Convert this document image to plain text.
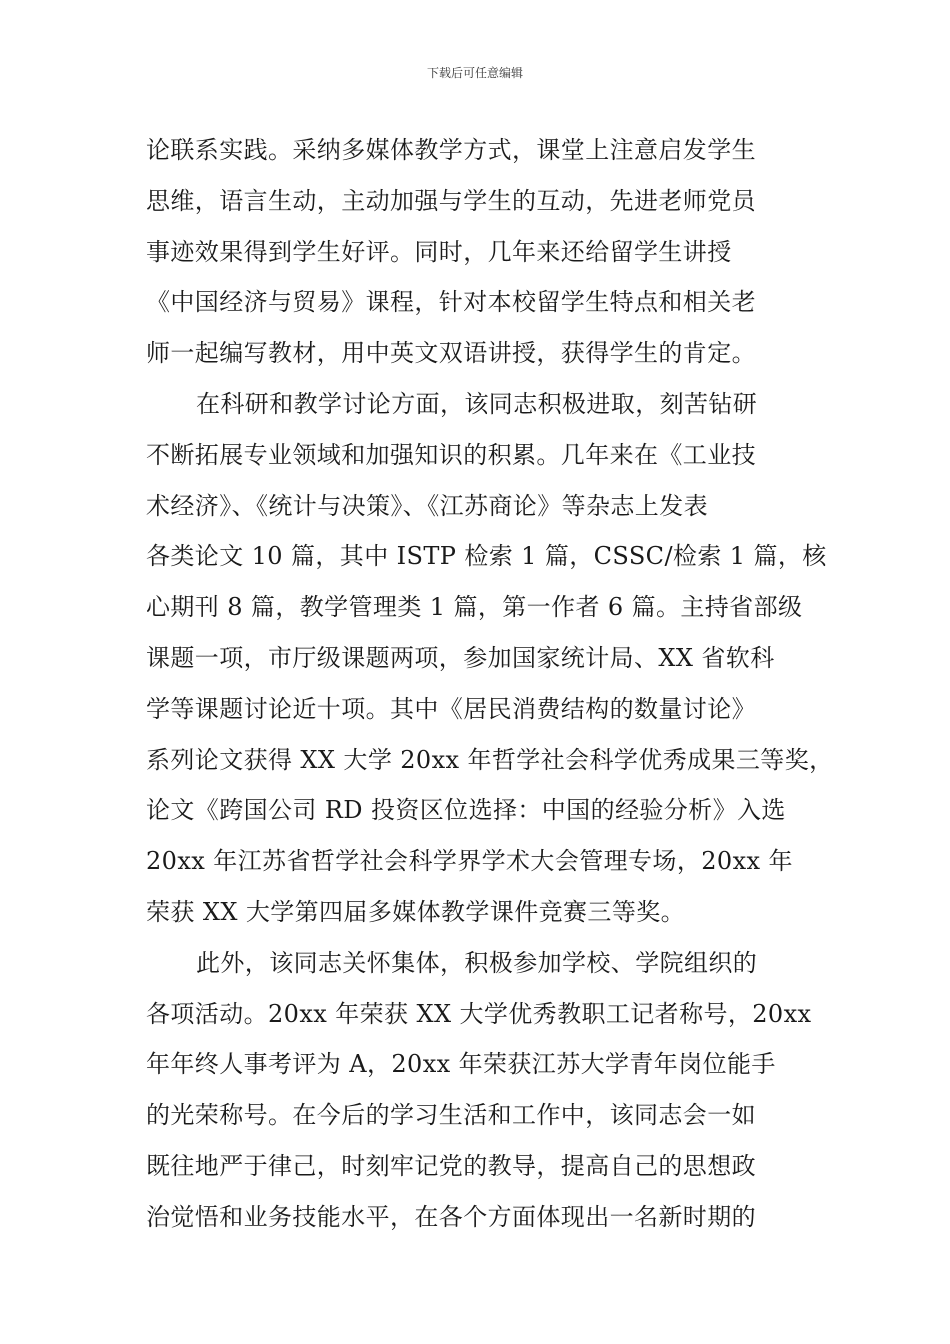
下载后可任意编辑
论联系实践。采纳多媒体教学方式，课堂上注意启发学生
思维，语言生动，主动加强与学生的互动，先进老师党员
事迹效果得到学生好评。同时，几年来还给留学生讲授
《中国经济与贸易》课程，针对本校留学生特点和相关老
师一起编写教材，用中英文双语讲授，获得学生的肯定。
在科研和教学讨论方面，该同志积极进取，刻苦钻研
不断拓展专业领域和加强知识的积累。几年来在《工业技
术经济》、《统计与决策》、《江苏商论》等杂志上发表
各类论文 10 篇，其中 ISTP 检索 1 篇，CSSC/检索 1 篇，核
心期刊 8 篇，教学管理类 1 篇，第一作者 6 篇。主持省部级
课题一项，市厅级课题两项，参加国家统计局、XX 省软科
学等课题讨论近十项。其中《居民消费结构的数量讨论》
系列论文获得 XX 大学 20xx 年哲学社会科学优秀成果三等奖，
论文《跨国公司 RD 投资区位选择：中国的经验分析》入选
20xx 年江苏省哲学社会科学界学术大会管理专场，20xx 年
荣获 XX 大学第四届多媒体教学课件竞赛三等奖。
此外，该同志关怀集体，积极参加学校、学院组织的
各项活动。20xx 年荣获 XX 大学优秀教职工记者称号，20xx
年年终人事考评为 A，20xx 年荣获江苏大学青年岗位能手
的光荣称号。在今后的学习生活和工作中，该同志会一如
既往地严于律己，时刻牢记党的教导，提高自己的思想政
治觉悟和业务技能水平，在各个方面体现出一名新时期的
